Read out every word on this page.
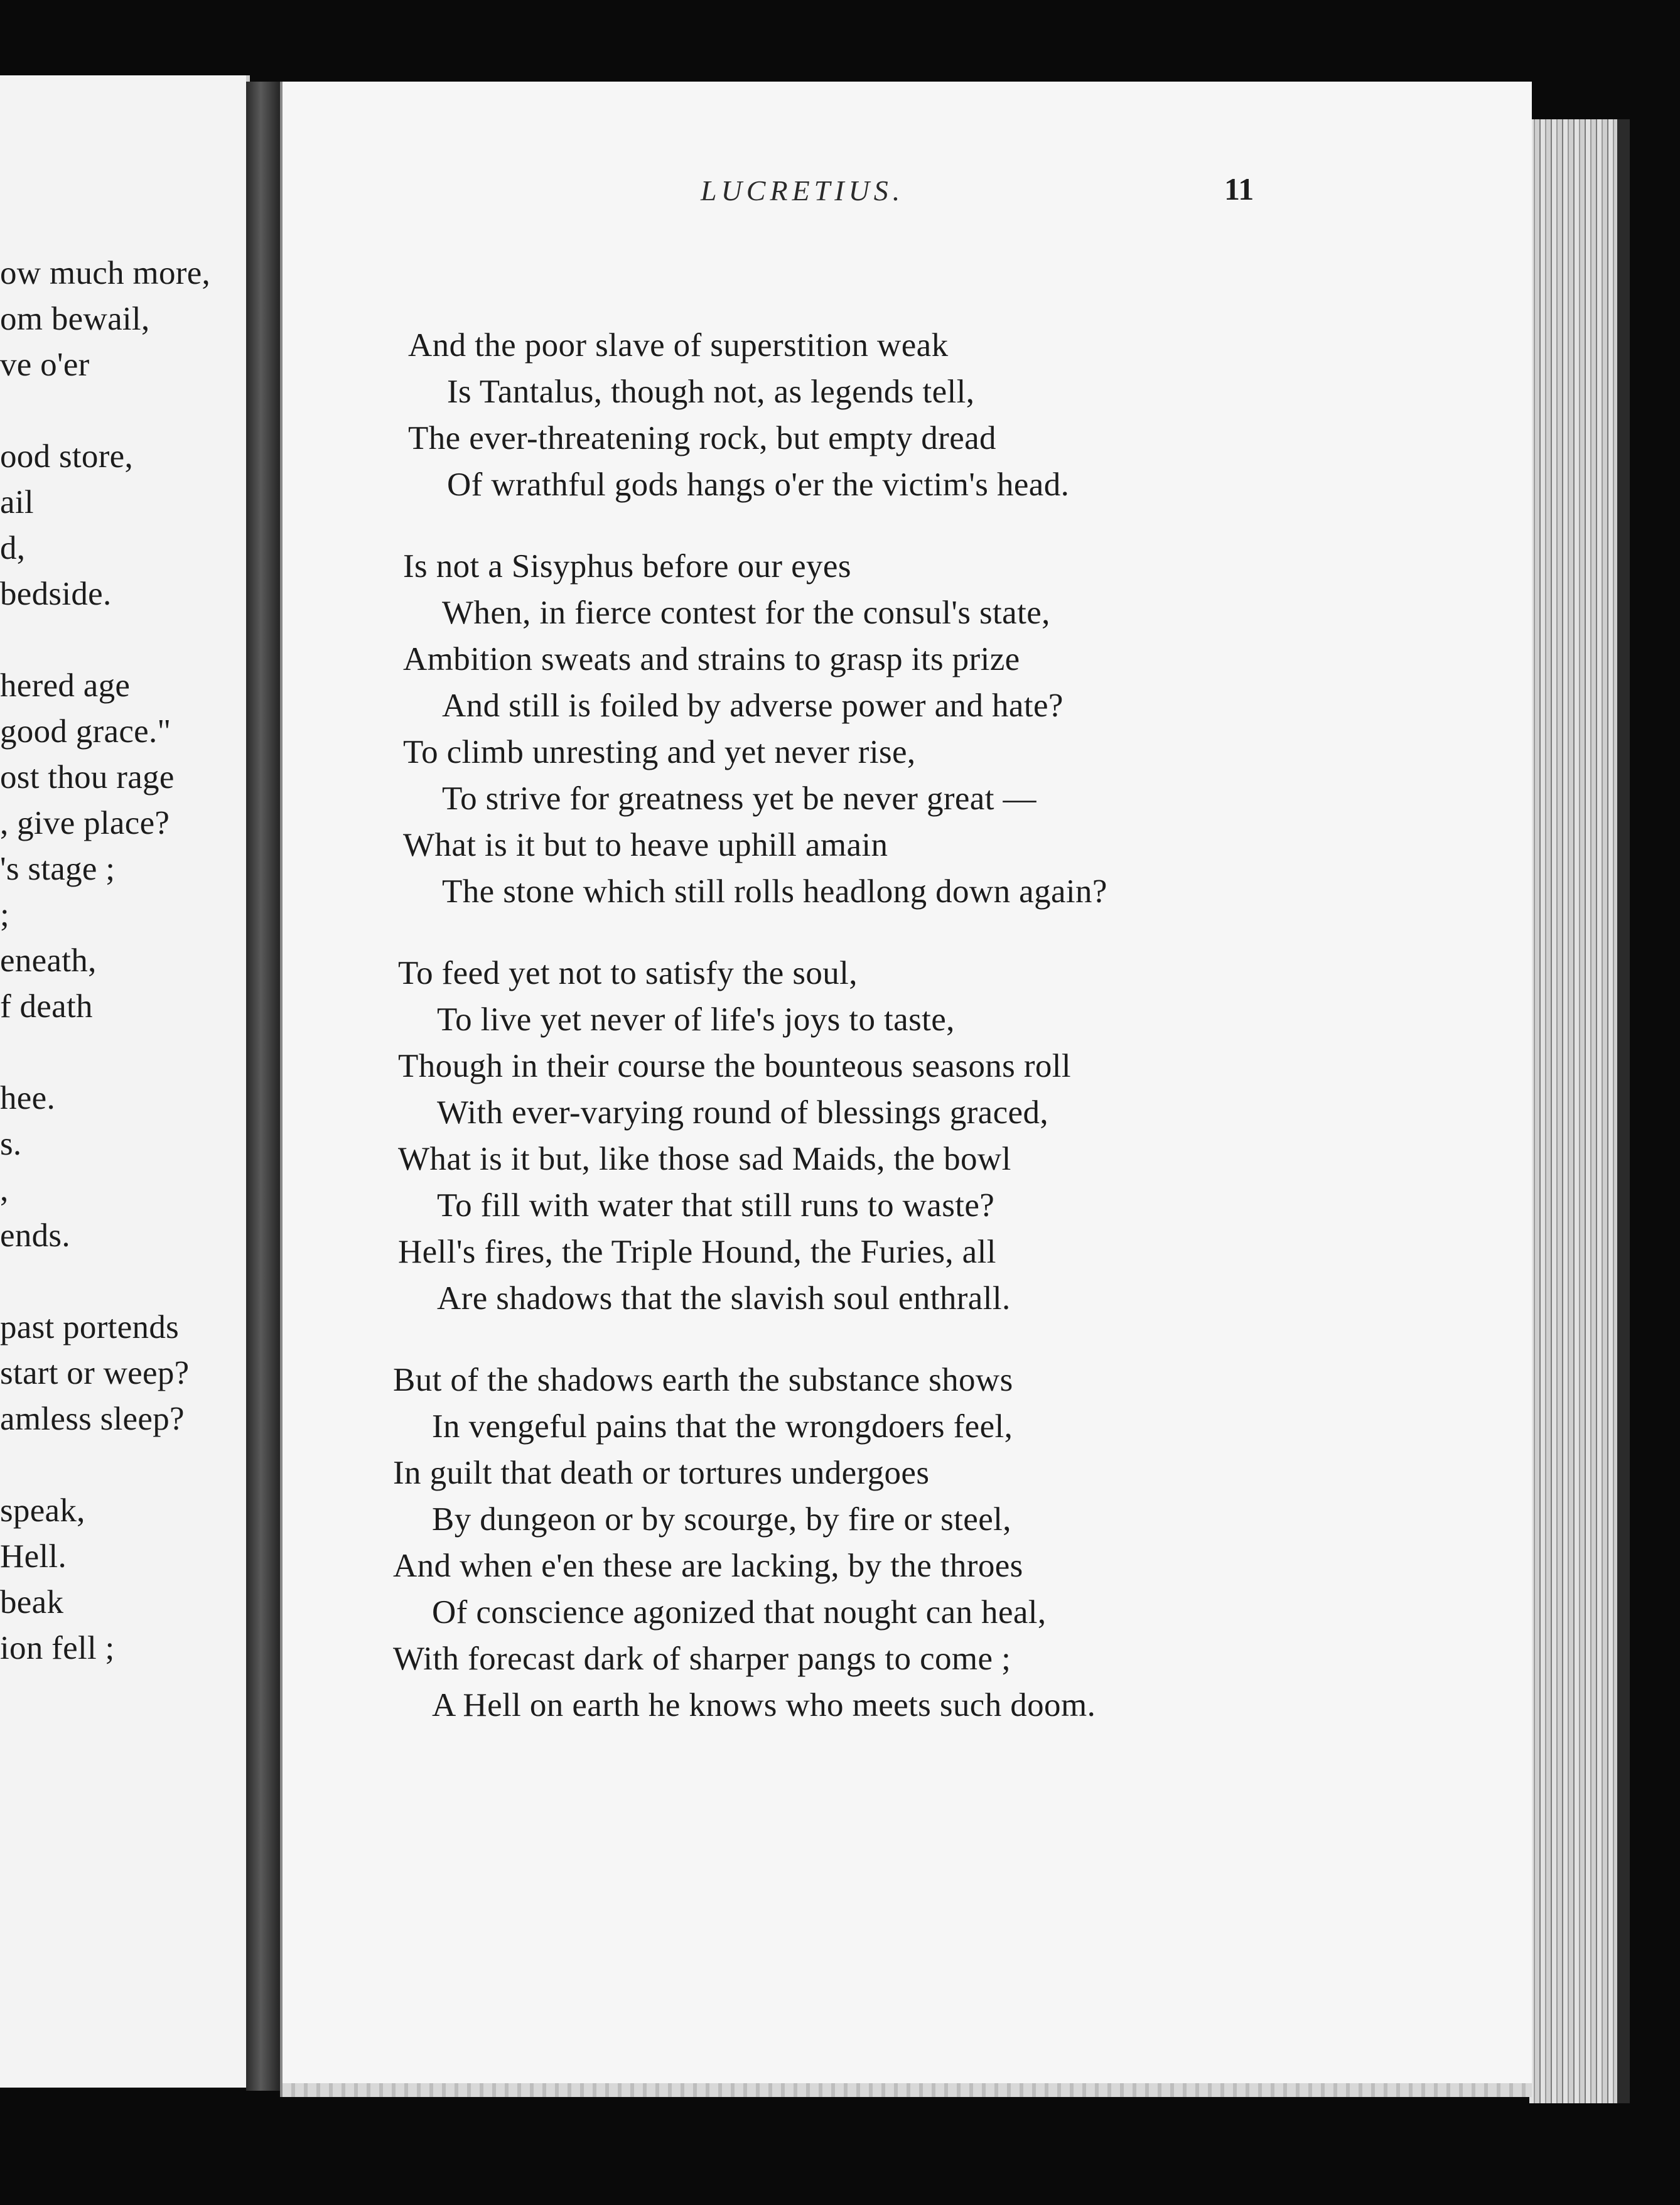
ow much more,
om bewail,
ve o'er
ood store,
ail
d,
bedside.
hered age
good grace."
ost thou rage
, give place?
's stage ;
;
eneath,
f death
hee.
s.
,
ends.
past portends
start or weep?
amless sleep?
speak,
Hell.
beak
ion fell ;
LUCRETIUS.	11
And the poor slave of superstition weak
Is Tantalus, though not, as legends tell,
The ever-threatening rock, but empty dread
Of wrathful gods hangs o'er the victim's head.
Is not a Sisyphus before our eyes
When, in fierce contest for the consul's state,
Ambition sweats and strains to grasp its prize
And still is foiled by adverse power and hate?
To climb unresting and yet never rise,
To strive for greatness yet be never great —
What is it but to heave uphill amain
The stone which still rolls headlong down again?
To feed yet not to satisfy the soul,
To live yet never of life's joys to taste,
Though in their course the bounteous seasons roll
With ever-varying round of blessings graced,
What is it but, like those sad Maids, the bowl
To fill with water that still runs to waste?
Hell's fires, the Triple Hound, the Furies, all
Are shadows that the slavish soul enthrall.
But of the shadows earth the substance shows
In vengeful pains that the wrongdoers feel,
In guilt that death or tortures undergoes
By dungeon or by scourge, by fire or steel,
And when e'en these are lacking, by the throes
Of conscience agonized that nought can heal,
With forecast dark of sharper pangs to come ;
A Hell on earth he knows who meets such doom.
